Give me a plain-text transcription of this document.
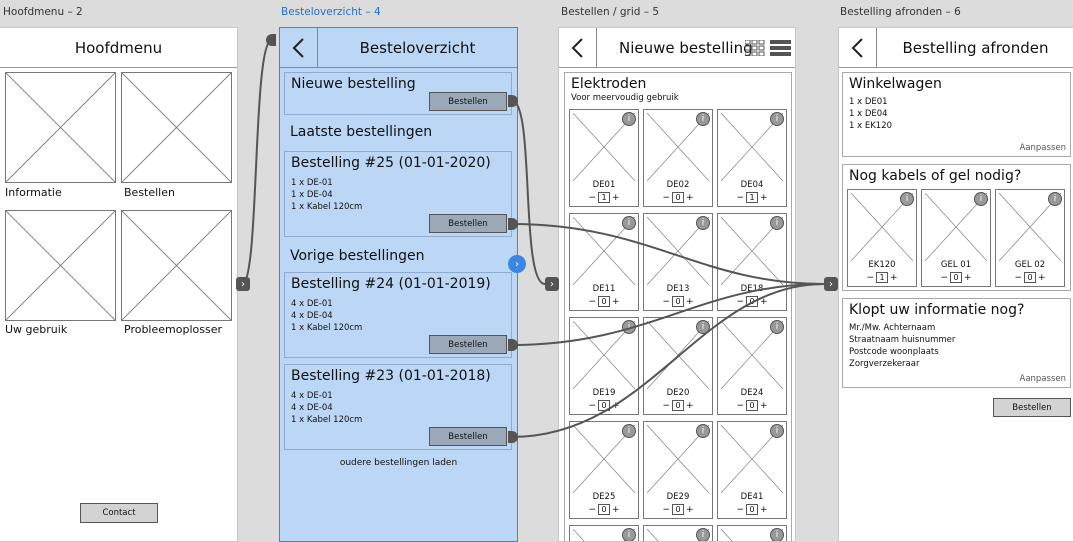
Hoofdmenu – 2	Besteloverzicht – 4	Bestellen / grid – 5	Bestelling afronden – 6
Hoofdmenu
Informatie	Bestellen
Uw gebruik	Probleemoplosser
Contact
Besteloverzicht
Nieuwe bestelling
Bestellen
Laatste bestellingen
Bestelling #25 (01-01-2020)
1 x DE-01
1 x DE-04
1 x Kabel 120cm
Bestellen
Vorige bestellingen
Bestelling #24 (01-01-2019)
4 x DE-01
4 x DE-04
1 x Kabel 120cm
Bestellen
Bestelling #23 (01-01-2018)
4 x DE-01
4 x DE-04
1 x Kabel 120cm
Bestellen
oudere bestellingen laden
Nieuwe bestelling
Elektroden
Voor meervoudig gebruik
i
DE01
− 1 +
i
DE02
− 0 +
i
DE04
− 1 +
i
DE11
− 0 +
i
DE13
− 0 +
i
DE18
− 0 +
i
DE19
− 0 +
i
DE20
− 0 +
i
DE24
− 0 +
i
DE25
− 0 +
i
DE29
− 0 +
i
DE41
− 0 +
i	i	i
Bestelling afronden
Winkelwagen
1 x DE01
1 x DE04
1 x EK120
Aanpassen
Nog kabels of gel nodig?
i
EK120
− 1 +
i
GEL 01
− 0 +
i
GEL 02
− 0 +
Klopt uw informatie nog?
Mr./Mw. Achternaam
Straatnaam huisnummer
Postcode woonplaats
Zorgverzekeraar
Aanpassen
Bestellen
›	›	›
›
